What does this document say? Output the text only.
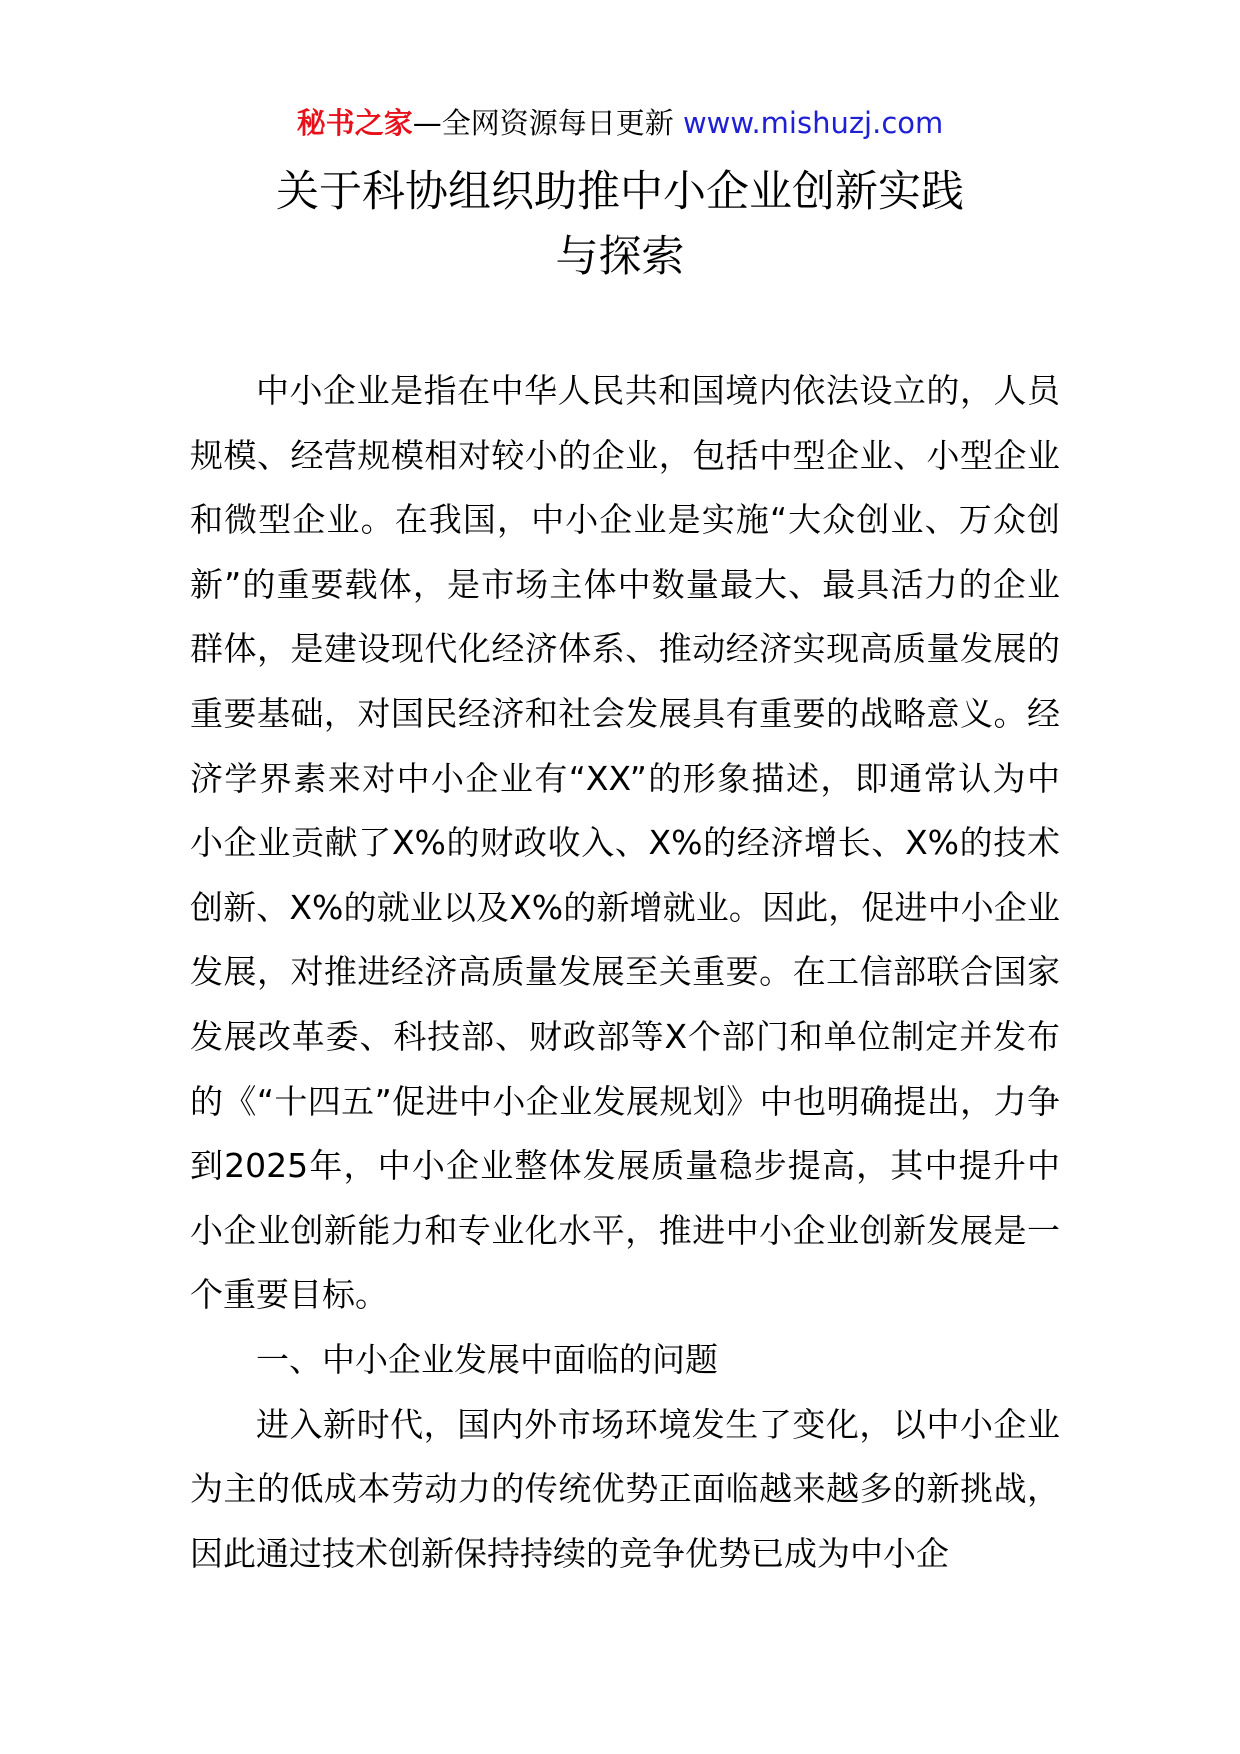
秘书之家—全网资源每日更新 www.mishuzj.com
关于科协组织助推中小企业创新实践
与探索

中小企业是指在中华人民共和国境内依法设立的，人员规模、经营规模相对较小的企业，包括中型企业、小型企业和微型企业。在我国，中小企业是实施“大众创业、万众创新”的重要载体，是市场主体中数量最大、最具活力的企业群体，是建设现代化经济体系、推动经济实现高质量发展的重要基础，对国民经济和社会发展具有重要的战略意义。经济学界素来对中小企业有“XX”的形象描述，即通常认为中小企业贡献了X%的财政收入、X%的经济增长、X%的技术创新、X%的就业以及X%的新增就业。因此，促进中小企业发展，对推进经济高质量发展至关重要。在工信部联合国家发展改革委、科技部、财政部等X个部门和单位制定并发布的《“十四五”促进中小企业发展规划》中也明确提出，力争到2025年，中小企业整体发展质量稳步提高，其中提升中小企业创新能力和专业化水平，推进中小企业创新发展是一个重要目标。

一、中小企业发展中面临的问题

进入新时代，国内外市场环境发生了变化，以中小企业为主的低成本劳动力的传统优势正面临越来越多的新挑战，因此通过技术创新保持持续的竞争优势已成为中小企
